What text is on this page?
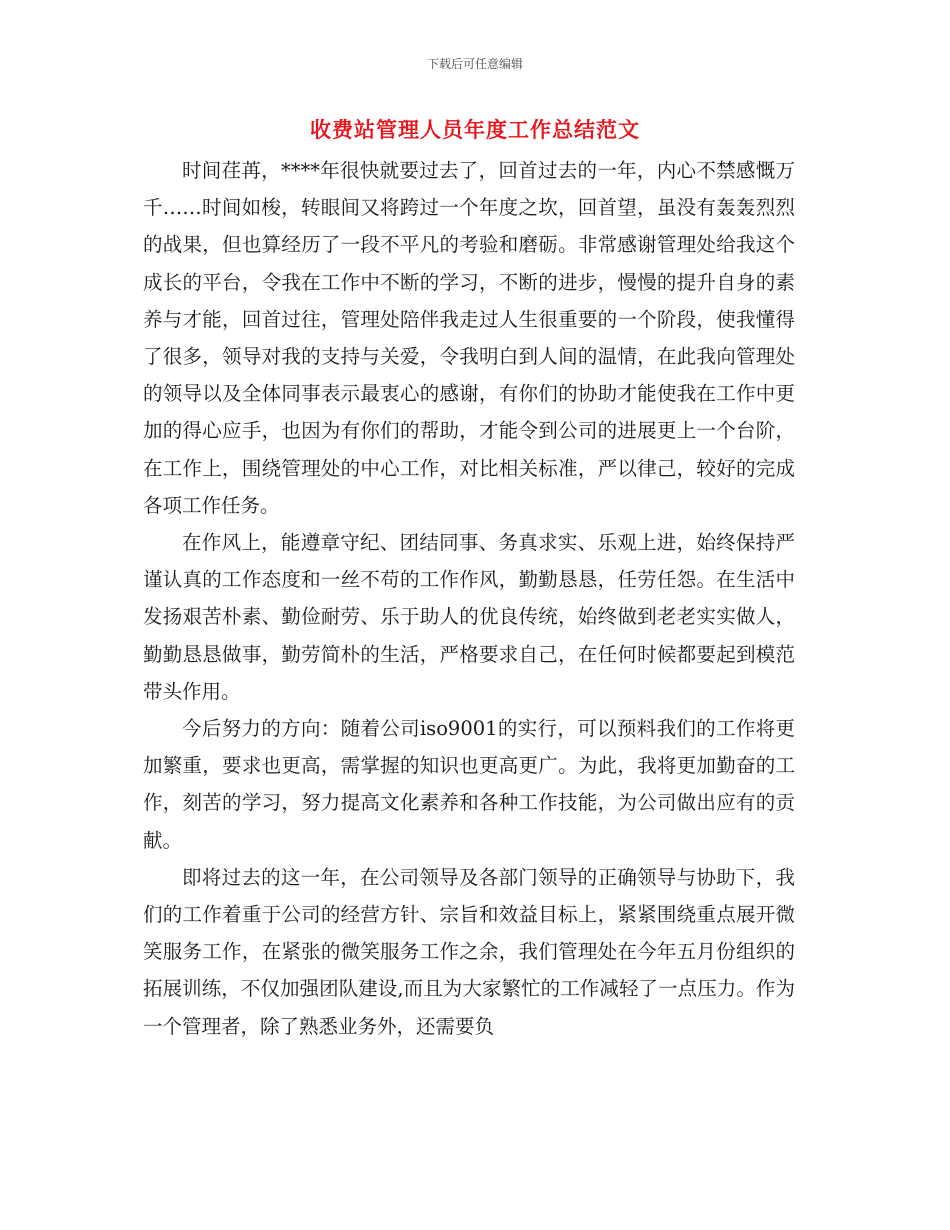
下载后可任意编辑
收费站管理人员年度工作总结范文

时间荏苒，****年很快就要过去了，回首过去的一年，内心不禁感慨万千……时间如梭，转眼间又将跨过一个年度之坎，回首望，虽没有轰轰烈烈的战果，但也算经历了一段不平凡的考验和磨砺。非常感谢管理处给我这个成长的平台，令我在工作中不断的学习，不断的进步，慢慢的提升自身的素养与才能，回首过往，管理处陪伴我走过人生很重要的一个阶段，使我懂得了很多，领导对我的支持与关爱，令我明白到人间的温情，在此我向管理处的领导以及全体同事表示最衷心的感谢，有你们的协助才能使我在工作中更加的得心应手，也因为有你们的帮助，才能令到公司的进展更上一个台阶，在工作上，围绕管理处的中心工作，对比相关标准，严以律己，较好的完成各项工作任务。

在作风上，能遵章守纪、团结同事、务真求实、乐观上进，始终保持严谨认真的工作态度和一丝不苟的工作作风，勤勤恳恳，任劳任怨。在生活中发扬艰苦朴素、勤俭耐劳、乐于助人的优良传统，始终做到老老实实做人，勤勤恳恳做事，勤劳简朴的生活，严格要求自己，在任何时候都要起到模范带头作用。

今后努力的方向：随着公司iso9001的实行，可以预料我们的工作将更加繁重，要求也更高，需掌握的知识也更高更广。为此，我将更加勤奋的工作，刻苦的学习，努力提高文化素养和各种工作技能，为公司做出应有的贡献。

即将过去的这一年，在公司领导及各部门领导的正确领导与协助下，我们的工作着重于公司的经营方针、宗旨和效益目标上，紧紧围绕重点展开微笑服务工作，在紧张的微笑服务工作之余，我们管理处在今年五月份组织的拓展训练，不仅加强团队建设,而且为大家繁忙的工作减轻了一点压力。作为一个管理者，除了熟悉业务外，还需要负
